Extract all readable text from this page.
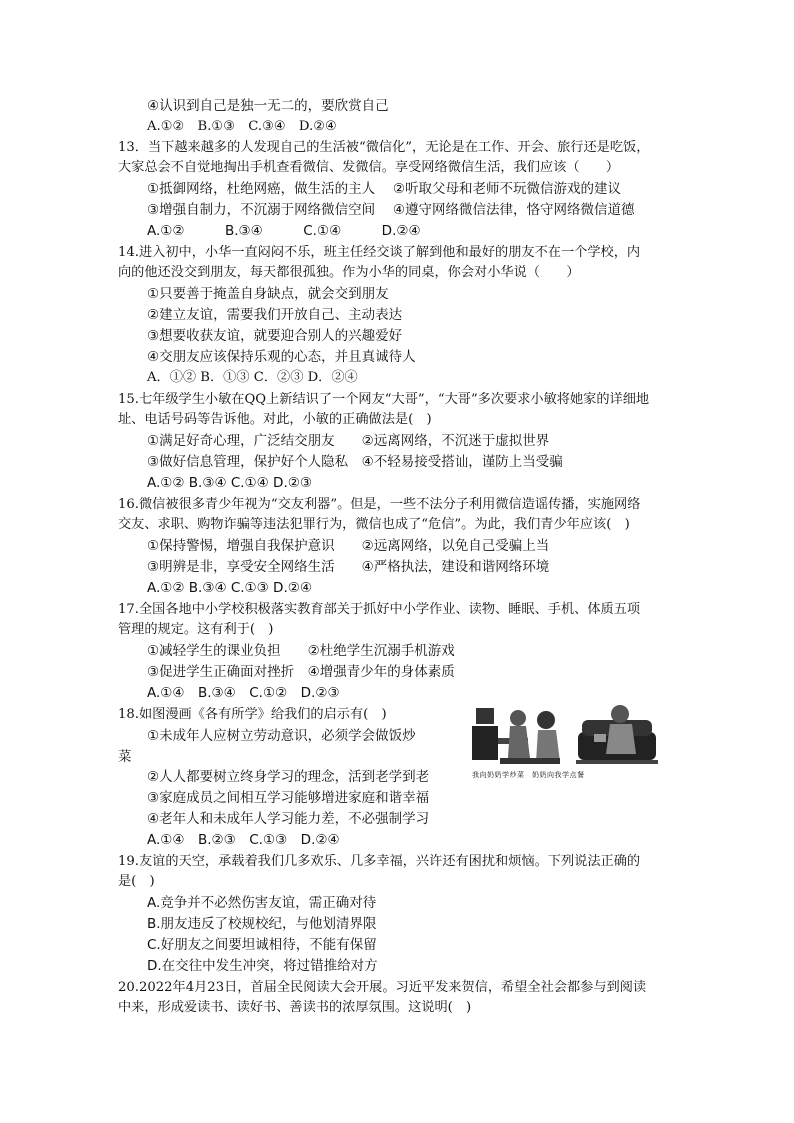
④认识到自己是独一无二的，要欣赏自己
A.①②　B.①③　C.③④　D.②④
13．当下越来越多的人发现自己的生活被“微信化”，无论是在工作、开会、旅行还是吃饭，
大家总会不自觉地掏出手机查看微信、发微信。享受网络微信生活，我们应该（　　）
①抵御网络，杜绝网癌，做生活的主人　 ②听取父母和老师不玩微信游戏的建议
③增强自制力，不沉溺于网络微信空间　 ④遵守网络微信法律，恪守网络微信道德
A.①②　　　B.③④　　　C.①④　　　D.②④
14.进入初中，小华一直闷闷不乐，班主任经交谈了解到他和最好的朋友不在一个学校，内
向的他还没交到朋友，每天都很孤独。作为小华的同桌，你会对小华说（　　）
①只要善于掩盖自身缺点，就会交到朋友
②建立友谊，需要我们开放自己、主动表达
③想要收获友谊，就要迎合别人的兴趣爱好
④交朋友应该保持乐观的心态，并且真诚待人
A．①② B．①③ C．②③ D．②④
15.七年级学生小敏在QQ上新结识了一个网友“大哥”，“大哥”多次要求小敏将她家的详细地
址、电话号码等告诉他。对此，小敏的正确做法是(　)
①满足好奇心理，广泛结交朋友　　②远离网络，不沉迷于虚拟世界
③做好信息管理，保护好个人隐私　④不轻易接受搭讪，谨防上当受骗
A.①② B.③④ C.①④ D.②③
16.微信被很多青少年视为“交友利器”。但是，一些不法分子利用微信造谣传播，实施网络
交友、求职、购物诈骗等违法犯罪行为，微信也成了“危信”。为此，我们青少年应该(　)
①保持警惕，增强自我保护意识　　②远离网络，以免自己受骗上当
③明辨是非，享受安全网络生活　　④严格执法，建设和谐网络环境
A.①② B.③④ C.①③ D.②④
17.全国各地中小学校积极落实教育部关于抓好中小学作业、读物、睡眠、手机、体质五项
管理的规定。这有利于(　)
①减轻学生的课业负担　　②杜绝学生沉溺手机游戏
③促进学生正确面对挫折　④增强青少年的身体素质
A.①④　B.③④　C.①②　D.②③
18.如图漫画《各有所学》给我们的启示有(　)
①未成年人应树立劳动意识，必须学会做饭炒
菜
②人人都要树立终身学习的理念，活到老学到老
③家庭成员之间相互学习能够增进家庭和谐幸福
④老年人和未成年人学习能力差，不必强制学习
A.①④　B.②③　C.①③　D.②④
我向奶奶学炒菜　奶奶向我学点餐
19.友谊的天空，承载着我们几多欢乐、几多幸福，兴许还有困扰和烦恼。下列说法正确的
是(　)
A.竞争并不必然伤害友谊，需正确对待
B.朋友违反了校规校纪，与他划清界限
C.好朋友之间要坦诚相待，不能有保留
D.在交往中发生冲突，将过错推给对方
20.2022年4月23日，首届全民阅读大会开展。习近平发来贺信，希望全社会都参与到阅读
中来，形成爱读书、读好书、善读书的浓厚氛围。这说明(　)
